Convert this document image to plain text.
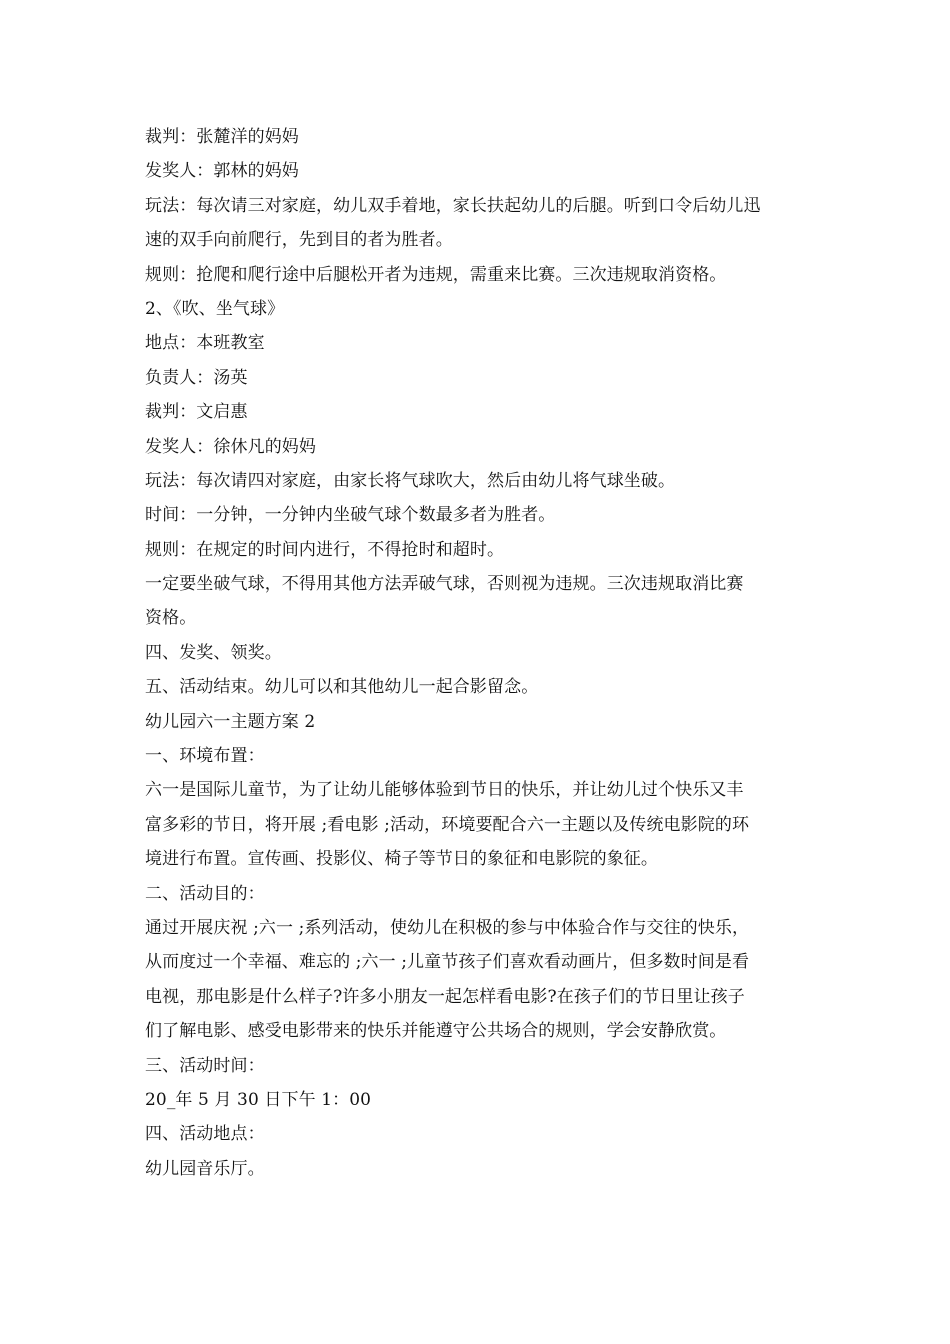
裁判：张麓洋的妈妈
发奖人：郭林的妈妈
玩法：每次请三对家庭，幼儿双手着地，家长扶起幼儿的后腿。听到口令后幼儿迅
速的双手向前爬行，先到目的者为胜者。
规则：抢爬和爬行途中后腿松开者为违规，需重来比赛。三次违规取消资格。
2、《吹、坐气球》
地点：本班教室
负责人：汤英
裁判：文启惠
发奖人：徐休凡的妈妈
玩法：每次请四对家庭，由家长将气球吹大，然后由幼儿将气球坐破。
时间：一分钟，一分钟内坐破气球个数最多者为胜者。
规则：在规定的时间内进行，不得抢时和超时。
一定要坐破气球，不得用其他方法弄破气球，否则视为违规。三次违规取消比赛
资格。
四、发奖、领奖。
五、活动结束。幼儿可以和其他幼儿一起合影留念。
幼儿园六一主题方案 2
一、环境布置：
六一是国际儿童节，为了让幼儿能够体验到节日的快乐，并让幼儿过个快乐又丰
富多彩的节日，将开展 ;看电影 ;活动，环境要配合六一主题以及传统电影院的环
境进行布置。宣传画、投影仪、椅子等节日的象征和电影院的象征。
二、活动目的：
通过开展庆祝 ;六一 ;系列活动，使幼儿在积极的参与中体验合作与交往的快乐，
从而度过一个幸福、难忘的 ;六一 ;儿童节孩子们喜欢看动画片，但多数时间是看
电视，那电影是什么样子?许多小朋友一起怎样看电影?在孩子们的节日里让孩子
们了解电影、感受电影带来的快乐并能遵守公共场合的规则，学会安静欣赏。
三、活动时间：
20_年 5 月 30 日下午 1：00
四、活动地点：
幼儿园音乐厅。
